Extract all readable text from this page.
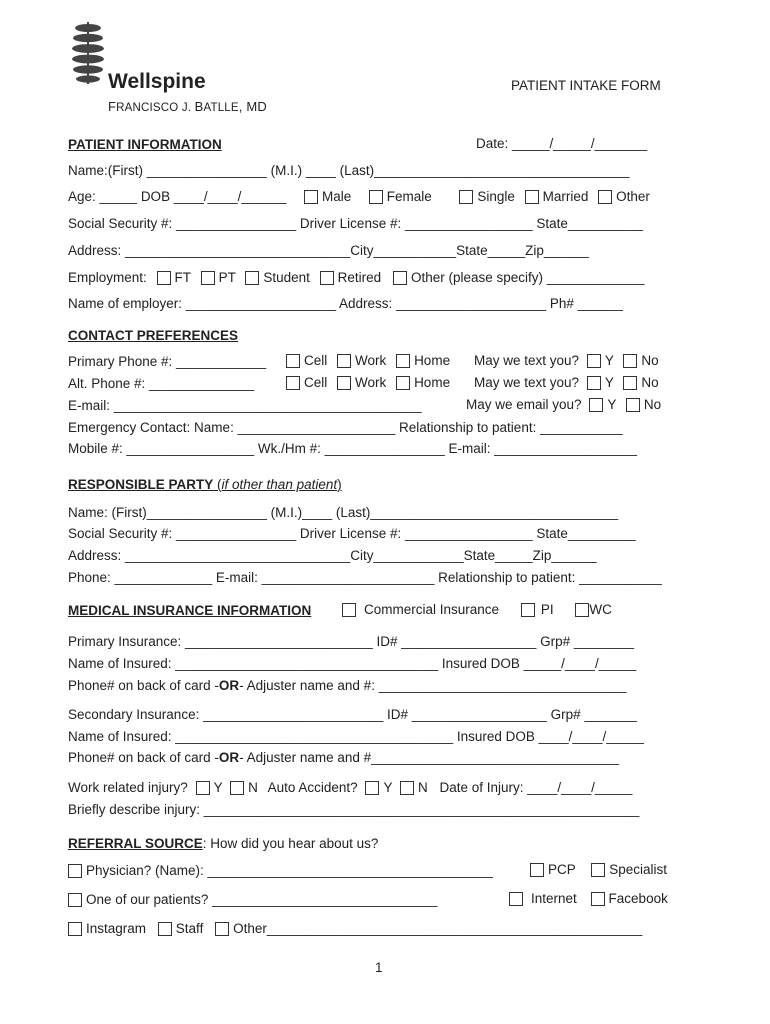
Wellspine
FRANCISCO J. BATLLE, MD
PATIENT INTAKE FORM
PATIENT INFORMATION	Date: _____/_____/_______
Name:(First) ________________ (M.I.) ____ (Last)__________________________________
Age: _____ DOB ____/____/______	Male	Female	Single Married Other
Social Security #: ________________ Driver License #: _________________ State__________
Address: ______________________________City___________State_____Zip______
Employment: FT PT Student Retired Other (please specify) _____________
Name of employer: ____________________ Address: ____________________ Ph# ______
CONTACT PREFERENCES
Primary Phone #: ____________	Cell Work Home May we text you? Y No
Alt. Phone #: ______________	Cell Work Home May we text you? Y No
E-mail: _________________________________________	May we email you? Y No
Emergency Contact: Name: _____________________ Relationship to patient: ___________
Mobile #: _________________ Wk./Hm #: ________________ E-mail: ___________________
RESPONSIBLE PARTY (if other than patient)
Name: (First)________________ (M.I.)____ (Last)_________________________________
Social Security #: ________________ Driver License #: _________________ State_________
Address: ______________________________City____________State_____Zip______
Phone: _____________ E-mail: _______________________ Relationship to patient: ___________
MEDICAL INSURANCE INFORMATION	Commercial Insurance	PI	WC
Primary Insurance: _________________________ ID# __________________ Grp# ________
Name of Insured: ___________________________________ Insured DOB _____/____/_____
Phone# on back of card -OR- Adjuster name and #: _________________________________
Secondary Insurance: ________________________ ID# __________________ Grp# _______
Name of Insured: _____________________________________ Insured DOB ____/____/_____
Phone# on back of card -OR- Adjuster name and #_________________________________
Work related injury? Y N Auto Accident? Y N Date of Injury: ____/____/_____
Briefly describe injury: __________________________________________________________
REFERRAL SOURCE: How did you hear about us?
Physician? (Name): ______________________________________	PCP	Specialist
One of our patients? ______________________________	Internet Facebook
Instagram Staff Other__________________________________________________
1
